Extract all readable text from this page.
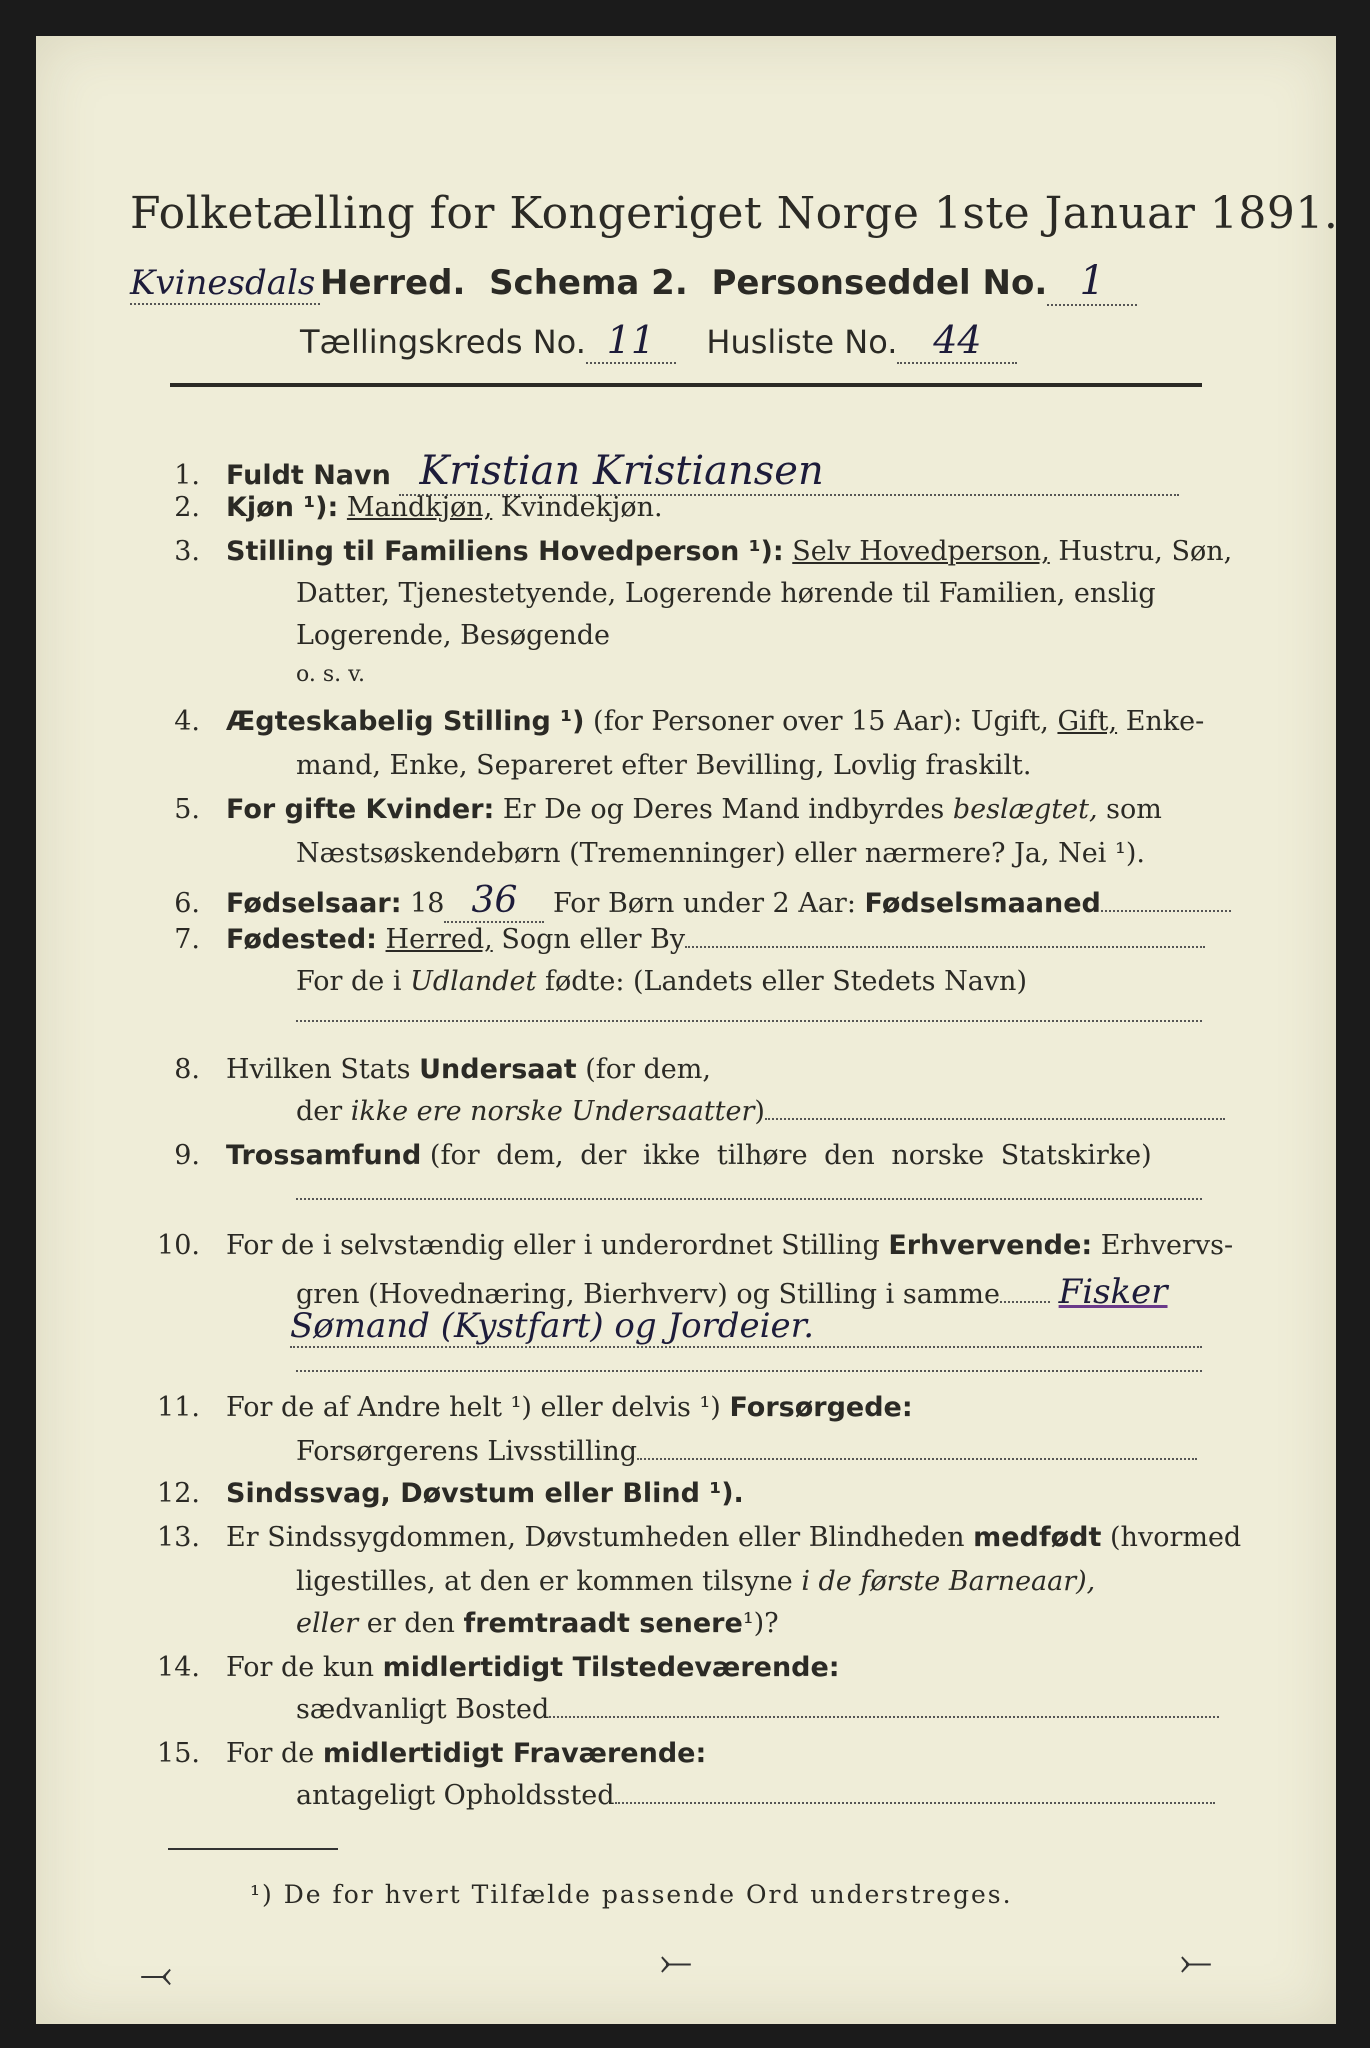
Folketælling for Kongeriget Norge 1ste Januar 1891.
Kvinesdals Herred. Schema 2. Personseddel No. 1
Tællingskreds No. 11 Husliste No. 44
1. Fuldt Navn Kristian Kristiansen
2. Kjøn ¹): Mandkjøn, Kvindekjøn.
3. Stilling til Familiens Hovedperson ¹): Selv Hovedperson, Hustru, Søn,
Datter, Tjenestetyende, Logerende hørende til Familien, enslig
Logerende, Besøgende
o. s. v.
4. Ægteskabelig Stilling ¹) (for Personer over 15 Aar): Ugift, Gift, Enke-
mand, Enke, Separeret efter Bevilling, Lovlig fraskilt.
5. For gifte Kvinder: Er De og Deres Mand indbyrdes beslægtet, som
Næstsøskendebørn (Tremenninger) eller nærmere? Ja, Nei ¹).
6. Fødselsaar: 18 36 For Børn under 2 Aar: Fødselsmaaned
7. Fødested: Herred, Sogn eller By
For de i Udlandet fødte: (Landets eller Stedets Navn)
8. Hvilken Stats Undersaat (for dem,
der ikke ere norske Undersaatter)
9. Trossamfund (for dem, der ikke tilhøre den norske Statskirke)
10. For de i selvstændig eller i underordnet Stilling Erhvervende: Erhvervs-
gren (Hovednæring, Bierhverv) og Stilling i samme Fisker
Sømand (Kystfart) og Jordeier.
11. For de af Andre helt ¹) eller delvis ¹) Forsørgede:
Forsørgerens Livsstilling
12. Sindssvag, Døvstum eller Blind ¹).
13. Er Sindssygdommen, Døvstumheden eller Blindheden medfødt (hvormed
ligestilles, at den er kommen tilsyne i de første Barneaar),
eller er den fremtraadt senere¹)?
14. For de kun midlertidigt Tilstedeværende:
sædvanligt Bosted
15. For de midlertidigt Fraværende:
antageligt Opholdssted
¹) De for hvert Tilfælde passende Ord understreges.
⤙	⤚	⤚
